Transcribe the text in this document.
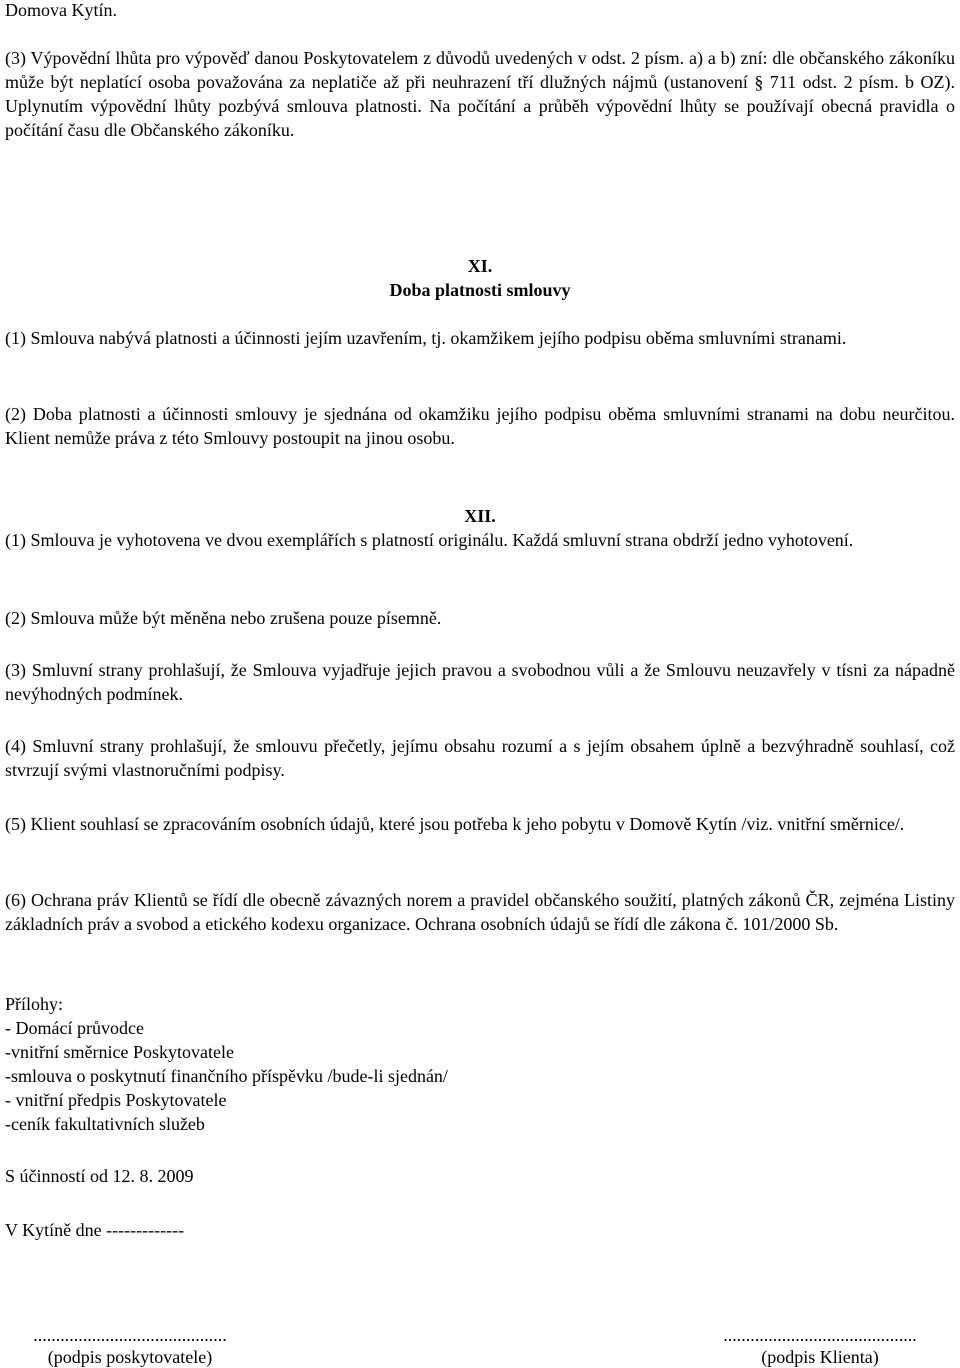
Domova Kytín.

(3) Výpovědní lhůta pro výpověď danou Poskytovatelem z důvodů uvedených v odst. 2 písm. a) a b) zní: dle občanského zákoníku může být neplatící osoba považována za neplatiče až při neuhrazení tří dlužných nájmů (ustanovení § 711 odst. 2 písm. b OZ). Uplynutím výpovědní lhůty pozbývá smlouva platnosti. Na počítání a průběh výpovědní lhůty se používají obecná pravidla o počítání času dle Občanského zákoníku.

XI.

Doba platnosti smlouvy

(1) Smlouva nabývá platnosti a účinnosti jejím uzavřením, tj. okamžikem jejího podpisu oběma smluvními stranami.

(2) Doba platnosti a účinnosti smlouvy je sjednána od okamžiku jejího podpisu oběma smluvními stranami na dobu neurčitou. Klient nemůže práva z této Smlouvy postoupit na jinou osobu.

XII.

(1) Smlouva je vyhotovena ve dvou exemplářích s platností originálu. Každá smluvní strana obdrží jedno vyhotovení.

(2) Smlouva může být měněna nebo zrušena pouze písemně.

(3) Smluvní strany prohlašují, že Smlouva vyjadřuje jejich pravou a svobodnou vůli a že Smlouvu neuzavřely v tísni za nápadně nevýhodných podmínek.

(4) Smluvní strany prohlašují, že smlouvu přečetly, jejímu obsahu rozumí a s jejím obsahem úplně a bezvýhradně souhlasí, což stvrzují svými vlastnoručními podpisy.

(5) Klient souhlasí se zpracováním osobních údajů, které jsou potřeba k jeho pobytu v Domově Kytín /viz. vnitřní směrnice/.

(6) Ochrana práv Klientů se řídí dle obecně závazných norem a pravidel občanského soužití, platných zákonů ČR, zejména Listiny základních práv a svobod a etického kodexu organizace. Ochrana osobních údajů se řídí dle zákona č. 101/2000 Sb.

Přílohy:
- Domácí průvodce
-vnitřní směrnice Poskytovatele
-smlouva o poskytnutí finančního příspěvku /bude-li sjednán/
- vnitřní předpis Poskytovatele
-ceník fakultativních služeb

S účinností od 12. 8. 2009

V Kytíně dne -------------

...........................................
(podpis poskytovatele)
...........................................
(podpis Klienta)
